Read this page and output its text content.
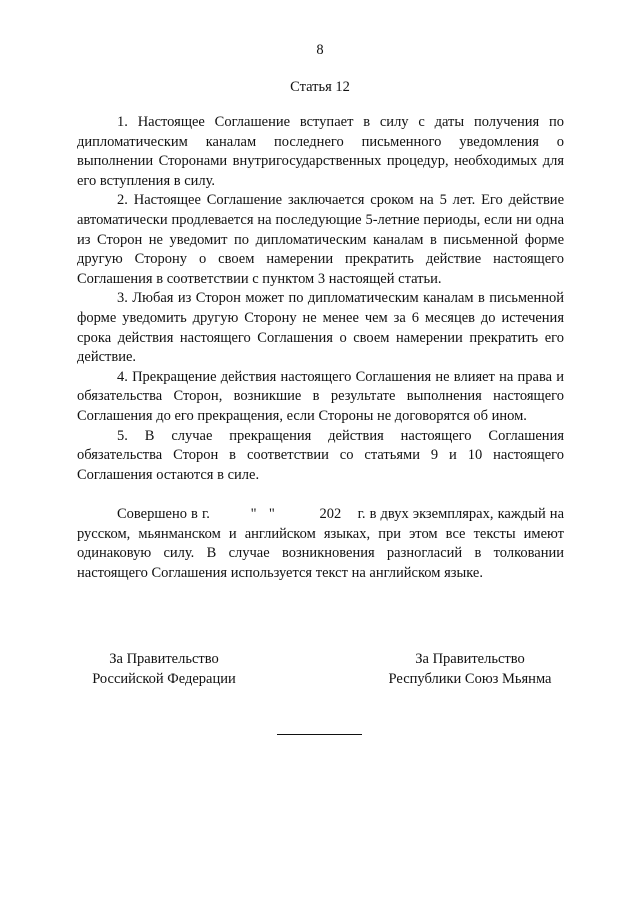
8
Статья 12

1. Настоящее Соглашение вступает в силу с даты получения по дипломатическим каналам последнего письменного уведомления о выполнении Сторонами внутригосударственных процедур, необходимых для его вступления в силу.

2. Настоящее Соглашение заключается сроком на 5 лет. Его действие автоматически продлевается на последующие 5-летние периоды, если ни одна из Сторон не уведомит по дипломатическим каналам в письменной форме другую Сторону о своем намерении прекратить действие настоящего Соглашения в соответствии с пунктом 3 настоящей статьи.

3. Любая из Сторон может по дипломатическим каналам в письменной форме уведомить другую Сторону не менее чем за 6 месяцев до истечения срока действия настоящего Соглашения о своем намерении прекратить его действие.

4. Прекращение действия настоящего Соглашения не влияет на права и обязательства Сторон, возникшие в результате выполнения настоящего Соглашения до его прекращения, если Стороны не договорятся об ином.

5. В случае прекращения действия настоящего Соглашения обязательства Сторон в соответствии со статьями 9 и 10 настоящего Соглашения остаются в силе.

Совершено в г.          "   "           202    г. в двух экземплярах, каждый на русском, мьянманском и английском языках, при этом все тексты имеют одинаковую силу. В случае возникновения разногласий в толковании настоящего Соглашения используется текст на английском языке.

За Правительство
Российской Федерации
За Правительство
Республики Союз Мьянма
